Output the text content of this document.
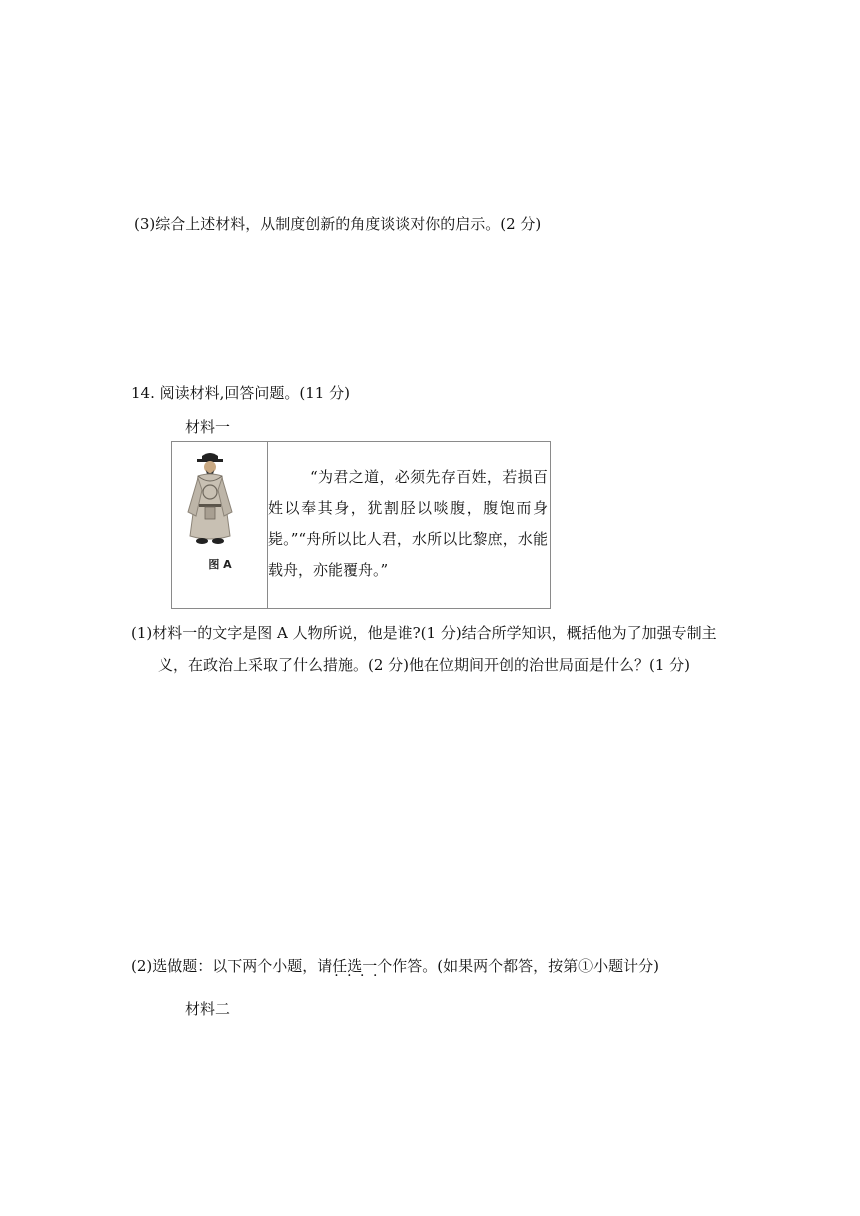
(3)综合上述材料，从制度创新的角度谈谈对你的启示。(2 分)
14. 阅读材料,回答问题。(11 分)
材料一
图 A

“为君之道，必须先存百姓，若损百姓以奉其身，犹割胫以啖腹，腹饱而身毙。”“舟所以比人君，水所以比黎庶，水能载舟，亦能覆舟。”

(1)材料一的文字是图 A 人物所说，他是谁?(1 分)结合所学知识，概括他为了加强专制主
义，在政治上采取了什么措施。(2 分)他在位期间开创的治世局面是什么？(1 分)
(2)选做题：以下两个小题，请任选一个 · · · ·作答。(如果两个都答，按第①小题计分)
材料二
